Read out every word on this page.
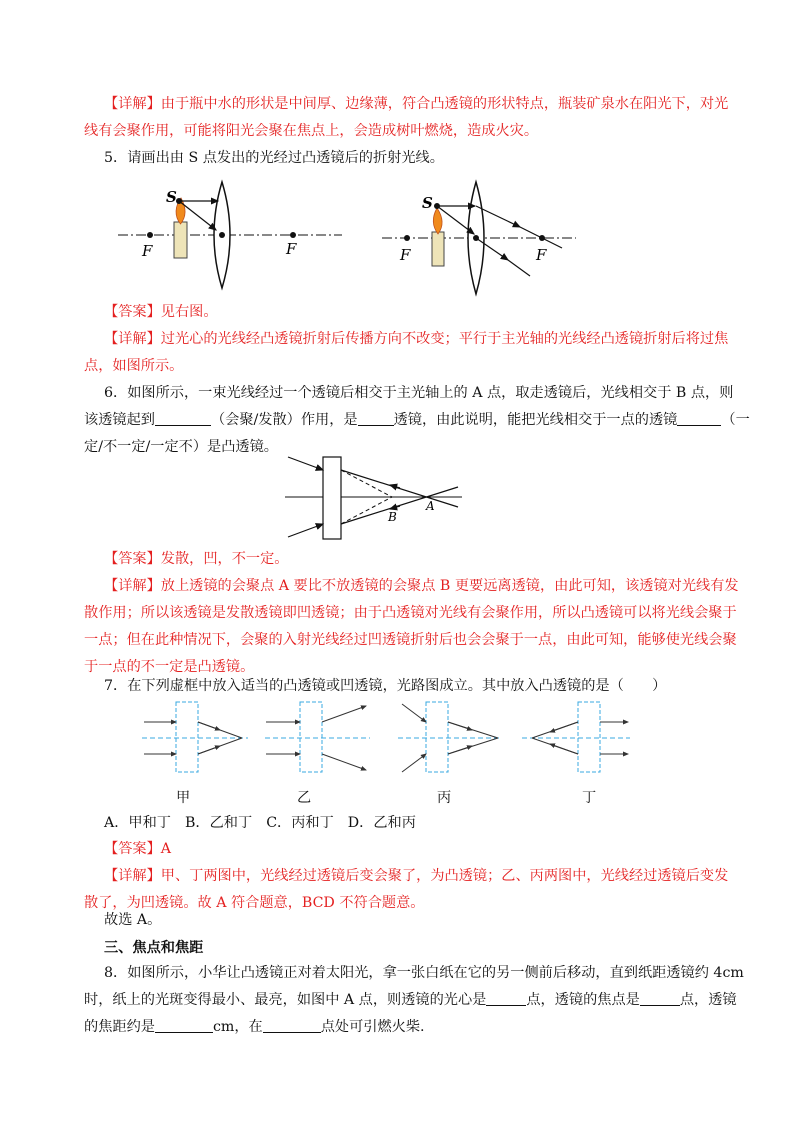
【详解】由于瓶中水的形状是中间厚、边缘薄，符合凸透镜的形状特点，瓶装矿泉水在阳光下，对光
线有会聚作用，可能将阳光会聚在焦点上，会造成树叶燃烧，造成火灾。
5．请画出由 S 点发出的光经过凸透镜后的折射光线。
S
F	F
S
F	F
【答案】见右图。
【详解】过光心的光线经凸透镜折射后传播方向不改变；平行于主光轴的光线经凸透镜折射后将过焦
点，如图所示。
6．如图所示，一束光线经过一个透镜后相交于主光轴上的 A 点，取走透镜后，光线相交于 B 点，则
该透镜起到	（会聚/发散）作用，是	透镜，由此说明，能把光线相交于一点的透镜	（一
定/不一定/一定不）是凸透镜。
B
A
【答案】发散，凹，不一定。
【详解】放上透镜的会聚点 A 要比不放透镜的会聚点 B 更要远离透镜，由此可知，该透镜对光线有发
散作用；所以该透镜是发散透镜即凹透镜；由于凸透镜对光线有会聚作用，所以凸透镜可以将光线会聚于
一点；但在此种情况下，会聚的入射光线经过凹透镜折射后也会会聚于一点，由此可知，能够使光线会聚
于一点的不一定是凸透镜。
7．在下列虚框中放入适当的凸透镜或凹透镜，光路图成立。其中放入凸透镜的是（　　）
甲	乙	丙	丁
A．甲和丁 B．乙和丁 C．丙和丁 D．乙和丙
【答案】A
【详解】甲、丁两图中，光线经过透镜后变会聚了，为凸透镜；乙、丙两图中，光线经过透镜后变发
散了，为凹透镜。故 A 符合题意，BCD 不符合题意。
故选 A。
三、焦点和焦距
8．如图所示，小华让凸透镜正对着太阳光，拿一张白纸在它的另一侧前后移动，直到纸距透镜约 4cm
时，纸上的光斑变得最小、最亮，如图中 A 点，则透镜的光心是	点，透镜的焦点是	点，透镜
的焦距约是	cm，在	点处可引燃火柴.
